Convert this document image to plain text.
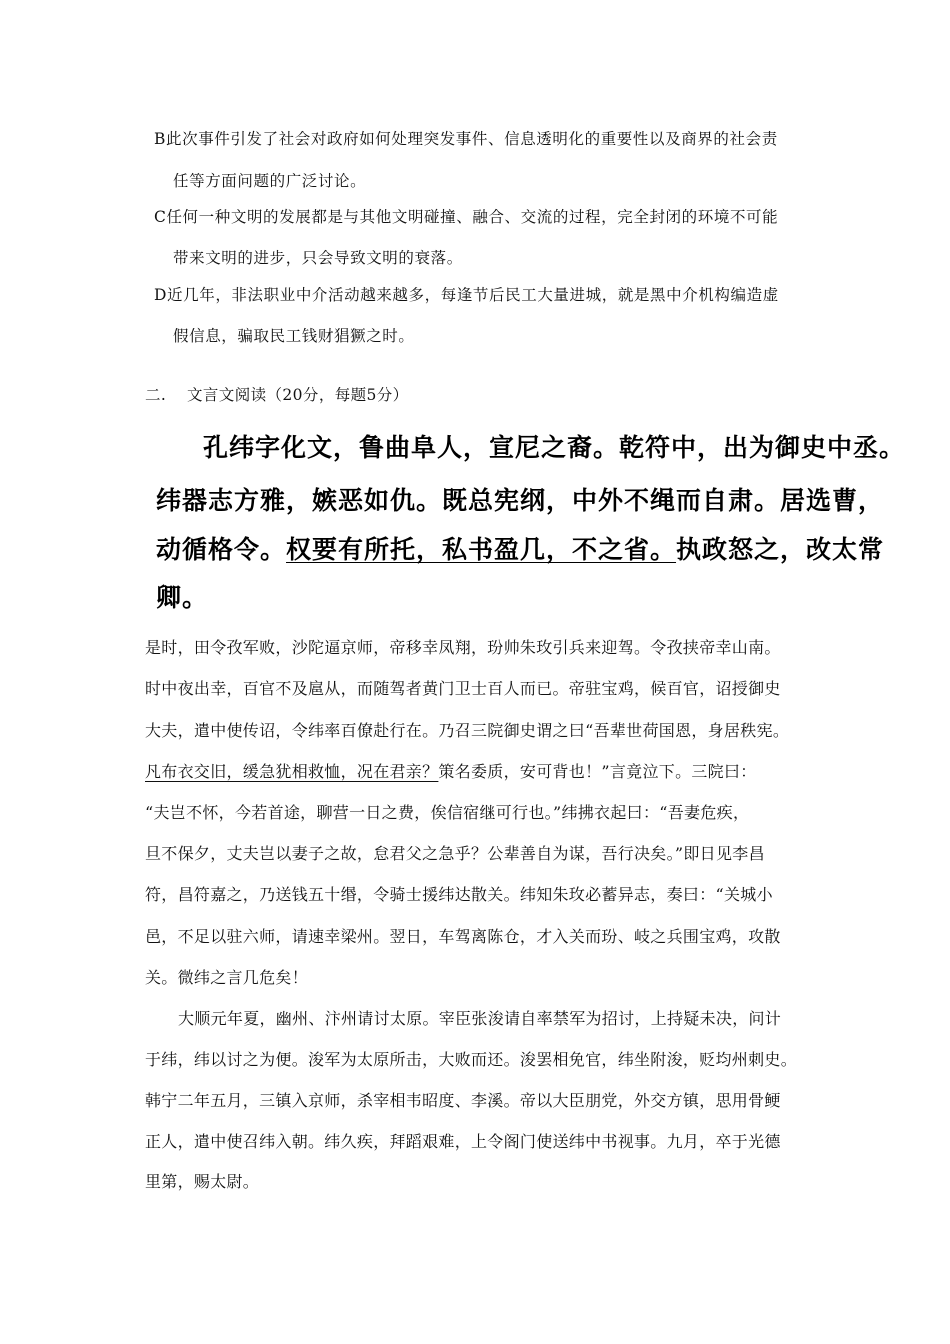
B此次事件引发了社会对政府如何处理突发事件、信息透明化的重要性以及商界的社会责
任等方面问题的广泛讨论。
C任何一种文明的发展都是与其他文明碰撞、融合、交流的过程，完全封闭的环境不可能
带来文明的进步，只会导致文明的衰落。
D近几年，非法职业中介活动越来越多，每逢节后民工大量进城，就是黑中介机构编造虚
假信息，骗取民工钱财猖獗之时。
二. 文言文阅读（20分，每题5分）
孔纬字化文，鲁曲阜人，宣尼之裔。乾符中，出为御史中丞。
纬器志方雅，嫉恶如仇。既总宪纲，中外不绳而自肃。居选曹，
动循格令。权要有所托，私书盈几，不之省。执政怒之，改太常
卿。
是时，田令孜军败，沙陀逼京师，帝移幸凤翔，玢帅朱玫引兵来迎驾。令孜挟帝幸山南。
时中夜出幸，百官不及扈从，而随驾者黄门卫士百人而已。帝驻宝鸡，候百官，诏授御史
大夫，遣中使传诏，令纬率百僚赴行在。乃召三院御史谓之曰“吾辈世荷国恩，身居秩宪。
凡布衣交旧，缓急犹相救恤，况在君亲？策名委质，安可背也！”言竟泣下。三院曰：
“夫岂不怀，今若首途，聊营一日之费，俟信宿继可行也。”纬拂衣起曰：“吾妻危疾，
旦不保夕，丈夫岂以妻子之故，怠君父之急乎？公辈善自为谋，吾行决矣。”即日见李昌
符，昌符嘉之，乃送钱五十缗，令骑士援纬达散关。纬知朱玫必蓄异志，奏曰：“关城小
邑，不足以驻六师，请速幸梁州。翌日，车驾离陈仓，才入关而玢、岐之兵围宝鸡，攻散
关。微纬之言几危矣！
大顺元年夏，幽州、汴州请讨太原。宰臣张浚请自率禁军为招讨，上持疑未决，问计
于纬，纬以讨之为便。浚军为太原所击，大败而还。浚罢相免官，纬坐附浚，贬均州刺史。
韩宁二年五月，三镇入京师，杀宰相韦昭度、李溪。帝以大臣朋党，外交方镇，思用骨鲠
正人，遣中使召纬入朝。纬久疾，拜蹈艰难，上令阁门使送纬中书视事。九月，卒于光德
里第，赐太尉。
